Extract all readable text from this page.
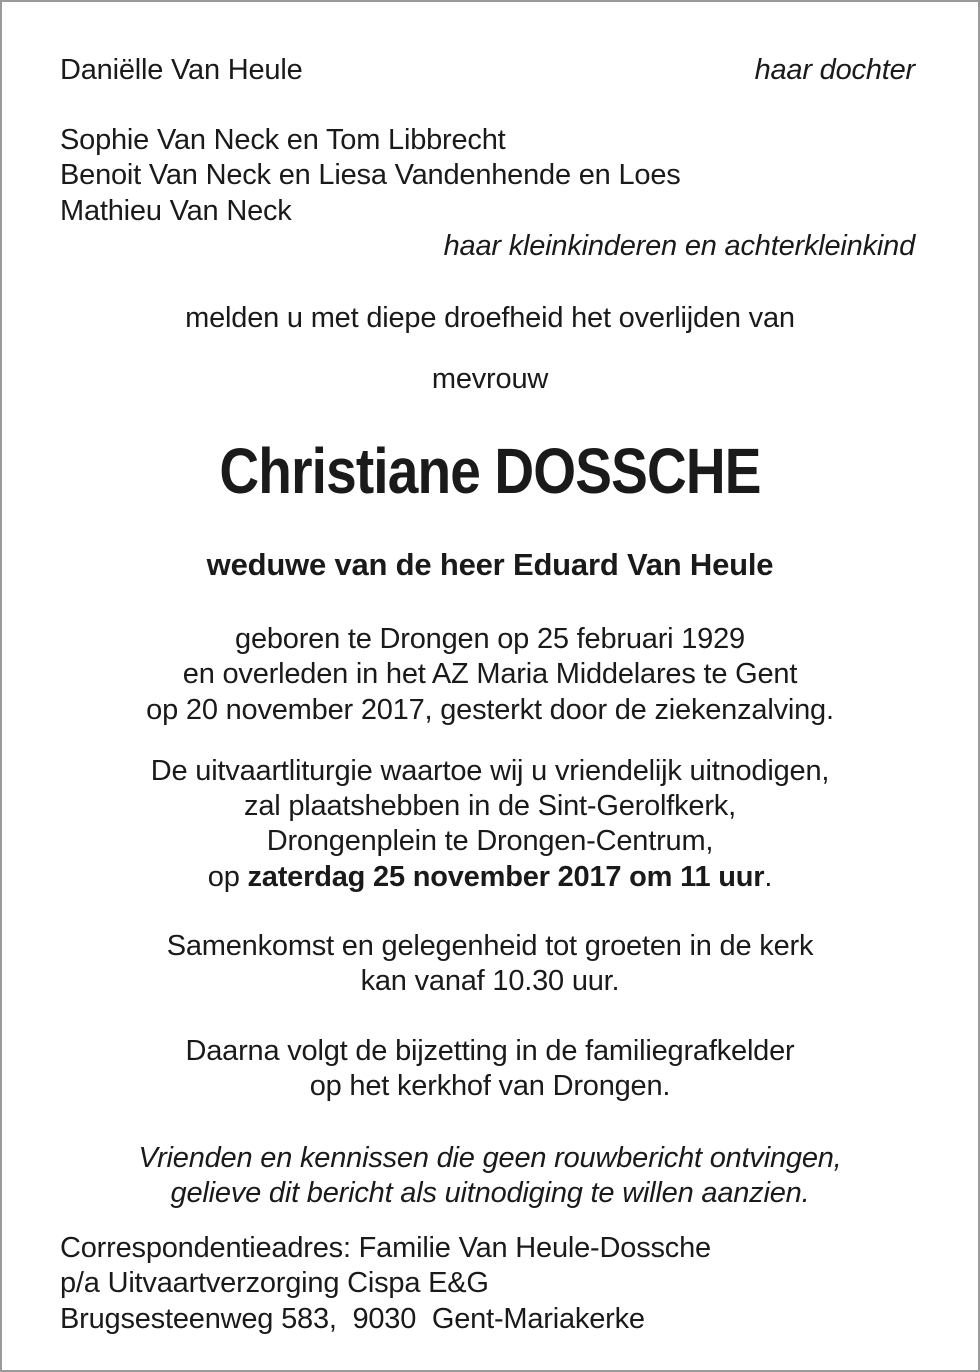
Daniëlle Van Heule	haar dochter
Sophie Van Neck en Tom Libbrecht
Benoit Van Neck en Liesa Vandenhende en Loes
Mathieu Van Neck
haar kleinkinderen en achterkleinkind
melden u met diepe droefheid het overlijden van
mevrouw
Christiane DOSSCHE
weduwe van de heer Eduard Van Heule
geboren te Drongen op 25 februari 1929
en overleden in het AZ Maria Middelares te Gent
op 20 november 2017, gesterkt door de ziekenzalving.
De uitvaartliturgie waartoe wij u vriendelijk uitnodigen,
zal plaatshebben in de Sint-Gerolfkerk,
Drongenplein te Drongen-Centrum,
op zaterdag 25 november 2017 om 11 uur.
Samenkomst en gelegenheid tot groeten in de kerk
kan vanaf 10.30 uur.
Daarna volgt de bijzetting in de familiegrafkelder
op het kerkhof van Drongen.
Vrienden en kennissen die geen rouwbericht ontvingen,
gelieve dit bericht als uitnodiging te willen aanzien.
Correspondentieadres: Familie Van Heule-Dossche
p/a Uitvaartverzorging Cispa E&G
Brugsesteenweg 583,  9030  Gent-Mariakerke
